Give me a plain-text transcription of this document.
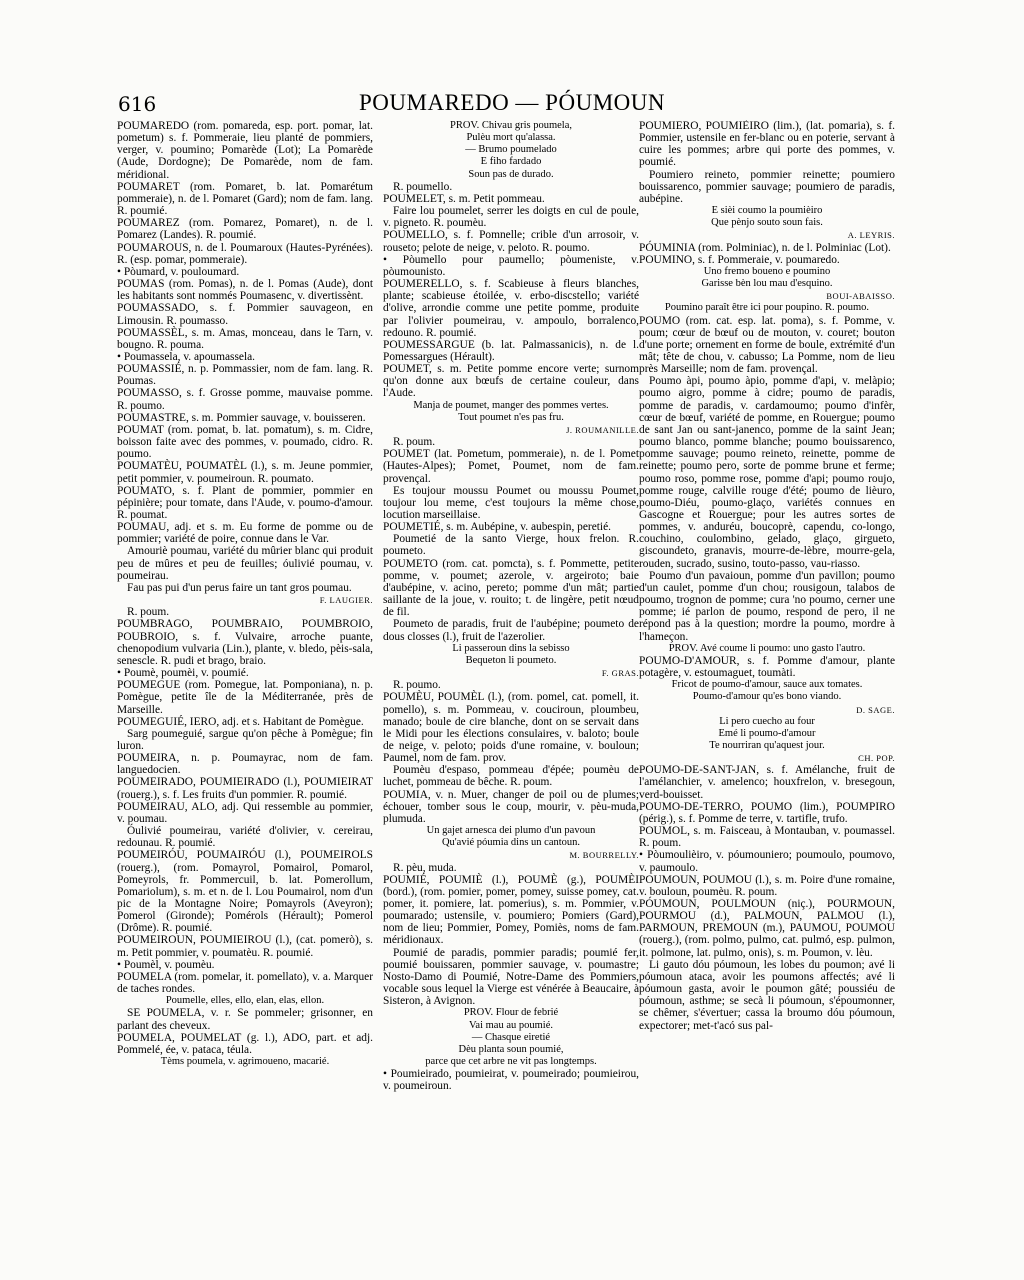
616	POUMAREDO — PÓUMOUN

POUMAREDO (rom. pomareda, esp. port. pomar, lat. pometum) s. f. Pommeraie, lieu planté de pommiers, verger, v. poumino; Pomarède (Lot); La Pomarède (Aude, Dordogne); De Pomarède, nom de fam. méridional.

POUMARET (rom. Pomaret, b. lat. Pomarétum pommeraie), n. de l. Pomaret (Gard); nom de fam. lang. R. poumié.

POUMAREZ (rom. Pomarez, Pomaret), n. de l. Pomarez (Landes). R. poumié.

POUMAROUS, n. de l. Poumaroux (Hautes-Pyrénées). R. (esp. pomar, pommeraie).

• Pòumard, v. pouloumard.

POUMAS (rom. Pomas), n. de l. Pomas (Aude), dont les habitants sont nommés Poumasenc, v. divertissènt.

POUMASSADO, s. f. Pommier sauvageon, en Limousin. R. poumasso.

POUMASSÈL, s. m. Amas, monceau, dans le Tarn, v. bougno. R. pouma.

• Poumassela, v. apoumassela.

POUMASSIÉ, n. p. Pommassier, nom de fam. lang. R. Poumas.

POUMASSO, s. f. Grosse pomme, mauvaise pomme. R. poumo.

POUMASTRE, s. m. Pommier sauvage, v. bouisseren.

POUMAT (rom. pomat, b. lat. pomatum), s. m. Cidre, boisson faite avec des pommes, v. poumado, cidro. R. poumo.

POUMATÈU, POUMATÈL (l.), s. m. Jeune pommier, petit pommier, v. poumeiroun. R. poumato.

POUMATO, s. f. Plant de pommier, pommier en pépinière; pour tomate, dans l'Aude, v. poumo-d'amour. R. poumat.

POUMAU, adj. et s. m. Eu forme de pomme ou de pommier; variété de poire, connue dans le Var.

Amouriè poumau, variété du mûrier blanc qui produit peu de mûres et peu de feuilles; óulivié poumau, v. poumeirau.

Fau pas pui d'un perus faire un tant gros poumau.

F. LAUGIER.

R. poum.

POUMBRAGO, POUMBRAIO, POUMBROIO, POUBROIO, s. f. Vulvaire, arroche puante, chenopodium vulvaria (Lin.), plante, v. bledo, pèis-sala, senescle. R. pudi et brago, braio.

• Poumè, poumèi, v. poumié.

POUMEGUE (rom. Pomegue, lat. Pomponiana), n. p. Pomègue, petite île de la Méditerranée, près de Marseille.

POUMEGUIÉ, IERO, adj. et s. Habitant de Pomègue.

Sarg poumeguié, sargue qu'on pêche à Pomègue; fin luron.

POUMEIRA, n. p. Poumayrac, nom de fam. languedocien.

POUMEIRADO, POUMIEIRADO (l.), POUMIEIRAT (rouerg.), s. f. Les fruits d'un pommier. R. poumié.

POUMEIRAU, ALO, adj. Qui ressemble au pommier, v. poumau.

Óulivié poumeirau, variété d'olivier, v. cereirau, redounau. R. poumié.

POUMEIRÓU, POUMAIRÓU (l.), POUMEIROLS (rouerg.), (rom. Pomayrol, Pomairol, Pomarol, Pomeyrols, fr. Pommercuil, b. lat. Pomerollum, Pomariolum), s. m. et n. de l. Lou Poumairol, nom d'un pic de la Montagne Noire; Pomayrols (Aveyron); Pomerol (Gironde); Pomérols (Hérault); Pomerol (Drôme). R. poumié.

POUMEIROUN, POUMIEIROU (l.), (cat. pomerò), s. m. Petit pommier, v. poumatèu. R. poumié.

• Poumèl, v. poumèu.

POUMELA (rom. pomelar, it. pomellato), v. a. Marquer de taches rondes.

Poumelle, elles, ello, elan, elas, ellon.

SE POUMELA, v. r. Se pommeler; grisonner, en parlant des cheveux.

POUMELA, POUMELAT (g. l.), ADO, part. et adj. Pommelé, ée, v. pataca, téula.

Tèms poumela, v. agrimoueno, macarié.

PROV. Chivau gris poumela,

Pulèu mort qu'alassa.

— Brumo poumelado

E fiho fardado

Soun pas de durado.

R. poumello.

POUMELET, s. m. Petit pommeau.

Faire lou poumelet, serrer les doigts en cul de poule, v. pigneto. R. poumèu.

POUMELLO, s. f. Pomnelle; crible d'un arrosoir, v. rouseto; pelote de neige, v. peloto. R. poumo.

• Pòumello pour paumello; pòumeniste, v. pòumounisto.

POUMERELLO, s. f. Scabieuse à fleurs blanches, plante; scabieuse étoilée, v. erbo-discstello; variété d'olive, arrondie comme une petite pomme, produite par l'olivier poumeirau, v. ampoulo, borralenco, redouno. R. poumié.

POUMESSARGUE (b. lat. Palmassanicis), n. de l. Pomessargues (Hérault).

POUMET, s. m. Petite pomme encore verte; surnom qu'on donne aux bœufs de certaine couleur, dans l'Aude.

Manja de poumet, manger des pommes vertes.

Tout poumet n'es pas fru.

J. ROUMANILLE.

R. poum.

POUMET (lat. Pometum, pommeraie), n. de l. Pomet (Hautes-Alpes); Pomet, Poumet, nom de fam. provençal.

Es toujour moussu Poumet ou moussu Poumet, toujour lou meme, c'est toujours la même chose, locution marseillaise.

POUMETIÉ, s. m. Aubépine, v. aubespin, peretié.

Poumetié de la santo Vierge, houx frelon. R. poumeto.

POUMETO (rom. cat. pomcta), s. f. Pommette, petite pomme, v. poumet; azerole, v. argeiroto; baie d'aubépine, v. acino, pereto; pomme d'un mât; partie saillante de la joue, v. rouito; t. de lingère, petit nœud de fil.

Poumeto de paradis, fruit de l'aubépine; poumeto de dous closses (l.), fruit de l'azerolier.

Li passeroun dins la sebisso

Bequeton li poumeto.

F. GRAS.

R. poumo.

POUMÈU, POUMÈL (l.), (rom. pomel, cat. pomell, it. pomello), s. m. Pommeau, v. couciroun, ploumbeu, manado; boule de cire blanche, dont on se servait dans le Midi pour les élections consulaires, v. baloto; boule de neige, v. peloto; poids d'une romaine, v. bouloun; Paumel, nom de fam. prov.

Poumèu d'espaso, pommeau d'épée; poumèu de luchet, pommeau de bêche. R. poum.

POUMIA, v. n. Muer, changer de poil ou de plumes; échouer, tomber sous le coup, mourir, v. pèu-muda, plumuda.

Un gajet arnesca dei plumo d'un pavoun

Qu'avié póumia dins un cantoun.

M. BOURRELLY.

R. pèu, muda.

POUMIÉ, POUMIÈ (l.), POUMÈ (g.), POUMÈI (bord.), (rom. pomier, pomer, pomey, suisse pomey, cat. pomer, it. pomiere, lat. pomerius), s. m. Pommier, v. poumarado; ustensile, v. poumiero; Pomiers (Gard), nom de lieu; Pommier, Pomey, Pomiès, noms de fam. méridionaux.

Poumié de paradis, pommier paradis; poumié fer, poumié bouissaren, pommier sauvage, v. poumastre; Nosto-Damo di Poumié, Notre-Dame des Pommiers, vocable sous lequel la Vierge est vénérée à Beaucaire, à Sisteron, à Avignon.

PROV. Flour de febrié

Vai mau au poumié.

— Chasque eiretié

Dèu planta soun poumié,

parce que cet arbre ne vit pas longtemps.

• Poumieirado, poumieirat, v. poumeirado; poumieirou, v. poumeiroun.

POUMIERO, POUMIÈIRO (lim.), (lat. pomaria), s. f. Pommier, ustensile en fer-blanc ou en poterie, servant à cuire les pommes; arbre qui porte des pommes, v. poumié.

Poumiero reineto, pommier reinette; poumiero bouissarenco, pommier sauvage; poumiero de paradis, aubépine.

E sièi coumo la poumièiro

Que pènjo souto soun fais.

A. LEYRIS.

PÓUMINIA (rom. Polminiac), n. de l. Polminiac (Lot).

POUMINO, s. f. Pommeraie, v. poumaredo.

Uno fremo boueno e poumino

Garisse bèn lou mau d'esquino.

BOUI-ABAISSO.

Poumino paraît être ici pour poupino. R. poumo.

POUMO (rom. cat. esp. lat. poma), s. f. Pomme, v. poum; cœur de bœuf ou de mouton, v. couret; bouton d'une porte; ornement en forme de boule, extrémité d'un mât; tête de chou, v. cabusso; La Pomme, nom de lieu près Marseille; nom de fam. provençal.

Poumo àpi, poumo àpio, pomme d'api, v. melàpio; poumo aigro, pomme à cidre; poumo de paradis, pomme de paradis, v. cardamoumo; poumo d'infèr, cœur de bœuf, variété de pomme, en Rouergue; poumo de sant Jan ou sant-janenco, pomme de la saint Jean; poumo blanco, pomme blanche; poumo bouissarenco, pomme sauvage; poumo reineto, reinette, pomme de reinette; poumo pero, sorte de pomme brune et ferme; poumo roso, pomme rose, pomme d'api; poumo roujo, pomme rouge, calville rouge d'été; poumo de lièuro, poumo-Diéu, poumo-glaço, variétés connues en Gascogne et Rouergue; pour les autres sortes de pommes, v. anduréu, boucoprè, capendu, co-longo, couchino, coulombino, gelado, glaço, girgueto, giscoundeto, granavis, mourre-de-lèbre, mourre-gela, rouden, sucrado, susino, touto-passo, vau-riasso.

Poumo d'un pavaioun, pomme d'un pavillon; poumo d'un caulet, pomme d'un chou; rousigoun, talabos de poumo, trognon de pomme; cura 'no poumo, cerner une pomme; ié parlon de poumo, respond de pero, il ne répond pas à la question; mordre la poumo, mordre à l'hameçon.

PROV. Avé coume li poumo: uno gasto l'autro.

POUMO-D'AMOUR, s. f. Pomme d'amour, plante potagère, v. estoumaguet, toumàti.

Fricot de poumo-d'amour, sauce aux tomates.

Poumo-d'amour qu'es bono viando.

D. SAGE.

Li pero cuecho au four

Emé li poumo-d'amour

Te nourriran qu'aquest jour.

CH. POP.

POUMO-DE-SANT-JAN, s. f. Amélanche, fruit de l'amélanchier, v. amelenco; houxfrelon, v. bresegoun, verd-bouisset.

POUMO-DE-TERRO, POUMO (lim.), POUMPIRO (périg.), s. f. Pomme de terre, v. tartifle, trufo.

POUMOL, s. m. Faisceau, à Montauban, v. poumassel. R. poum.

• Pòumoulièiro, v. póumouniero; poumoulo, poumovo, v. paumoulo.

POUMOUN, POUMOU (l.), s. m. Poire d'une romaine, v. bouloun, poumèu. R. poum.

PÓUMOUN, POULMOUN (niç.), POURMOUN, POURMOU (d.), PALMOUN, PALMOU (l.), PARMOUN, PREMOUN (m.), PAUMOU, POUMOU (rouerg.), (rom. polmo, pulmo, cat. pulmó, esp. pulmon, it. polmone, lat. pulmo, onis), s. m. Poumon, v. lèu.

Li gauto dóu póumoun, les lobes du poumon; avé li póumoun ataca, avoir les poumons affectés; avé li póumoun gasta, avoir le poumon gâté; poussiéu de póumoun, asthme; se secà li póumoun, s'époumonner, se chêmer, s'évertuer; cassa la broumo dóu póumoun, expectorer; met-t'acó sus pal-
